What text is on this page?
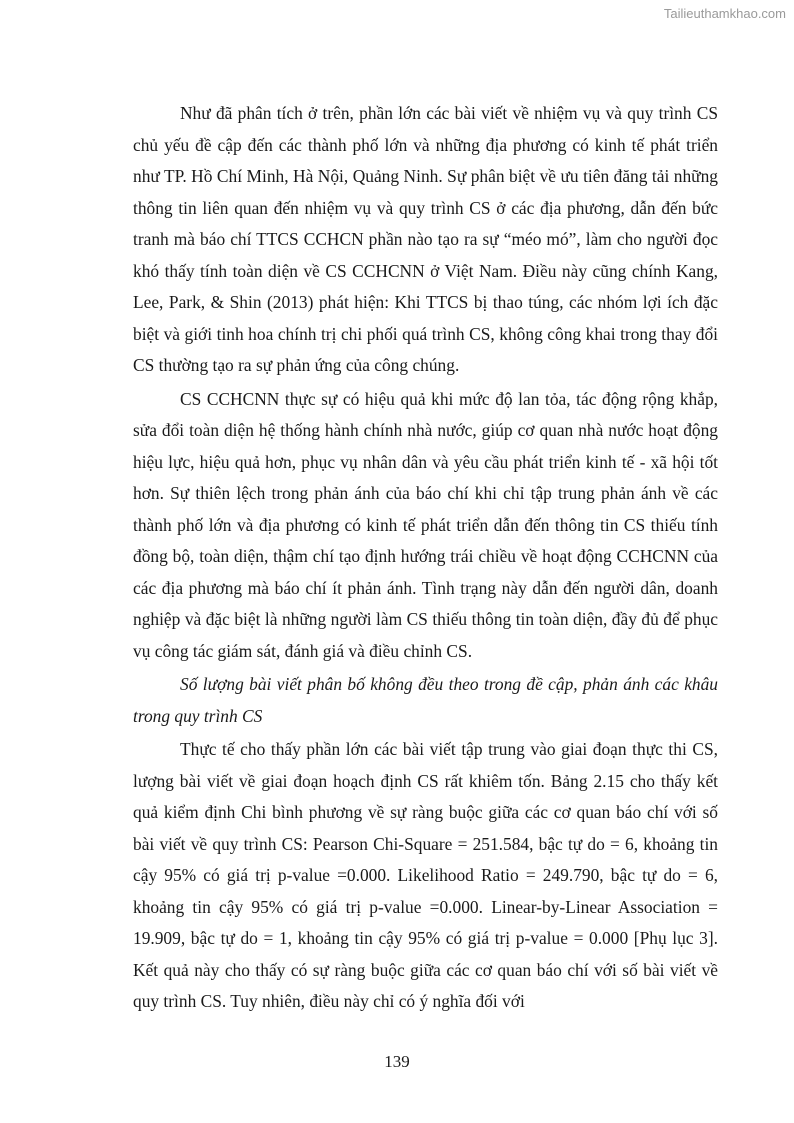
Tailieuthamkhao.com

Như đã phân tích ở trên, phần lớn các bài viết về nhiệm vụ và quy trình CS chủ yếu đề cập đến các thành phố lớn và những địa phương có kinh tế phát triển như TP. Hồ Chí Minh, Hà Nội, Quảng Ninh. Sự phân biệt về ưu tiên đăng tải những thông tin liên quan đến nhiệm vụ và quy trình CS ở các địa phương, dẫn đến bức tranh mà báo chí TTCS CCHCN phần nào tạo ra sự “méo mó”, làm cho người đọc khó thấy tính toàn diện về CS CCHCNN ở Việt Nam. Điều này cũng chính Kang, Lee, Park, & Shin (2013) phát hiện: Khi TTCS bị thao túng, các nhóm lợi ích đặc biệt và giới tinh hoa chính trị chi phối quá trình CS, không công khai trong thay đổi CS thường tạo ra sự phản ứng của công chúng.

CS CCHCNN thực sự có hiệu quả khi mức độ lan tỏa, tác động rộng khắp, sửa đổi toàn diện hệ thống hành chính nhà nước, giúp cơ quan nhà nước hoạt động hiệu lực, hiệu quả hơn, phục vụ nhân dân và yêu cầu phát triển kinh tế - xã hội tốt hơn. Sự thiên lệch trong phản ánh của báo chí khi chỉ tập trung phản ánh về các thành phố lớn và địa phương có kinh tế phát triển dẫn đến thông tin CS thiếu tính đồng bộ, toàn diện, thậm chí tạo định hướng trái chiều về hoạt động CCHCNN của các địa phương mà báo chí ít phản ánh. Tình trạng này dẫn đến người dân, doanh nghiệp và đặc biệt là những người làm CS thiếu thông tin toàn diện, đầy đủ để phục vụ công tác giám sát, đánh giá và điều chỉnh CS.

Số lượng bài viết phân bố không đều theo trong đề cập, phản ánh các khâu trong quy trình CS

Thực tế cho thấy phần lớn các bài viết tập trung vào giai đoạn thực thi CS, lượng bài viết về giai đoạn hoạch định CS rất khiêm tốn. Bảng 2.15 cho thấy kết quả kiểm định Chi bình phương về sự ràng buộc giữa các cơ quan báo chí với số bài viết về quy trình CS: Pearson Chi-Square = 251.584, bậc tự do = 6, khoảng tin cậy 95% có giá trị p-value =0.000. Likelihood Ratio = 249.790, bậc tự do = 6, khoảng tin cậy 95% có giá trị p-value =0.000. Linear-by-Linear Association = 19.909, bậc tự do = 1, khoảng tin cậy 95% có giá trị p-value = 0.000 [Phụ lục 3]. Kết quả này cho thấy có sự ràng buộc giữa các cơ quan báo chí với số bài viết về quy trình CS. Tuy nhiên, điều này chỉ có ý nghĩa đối với

139
